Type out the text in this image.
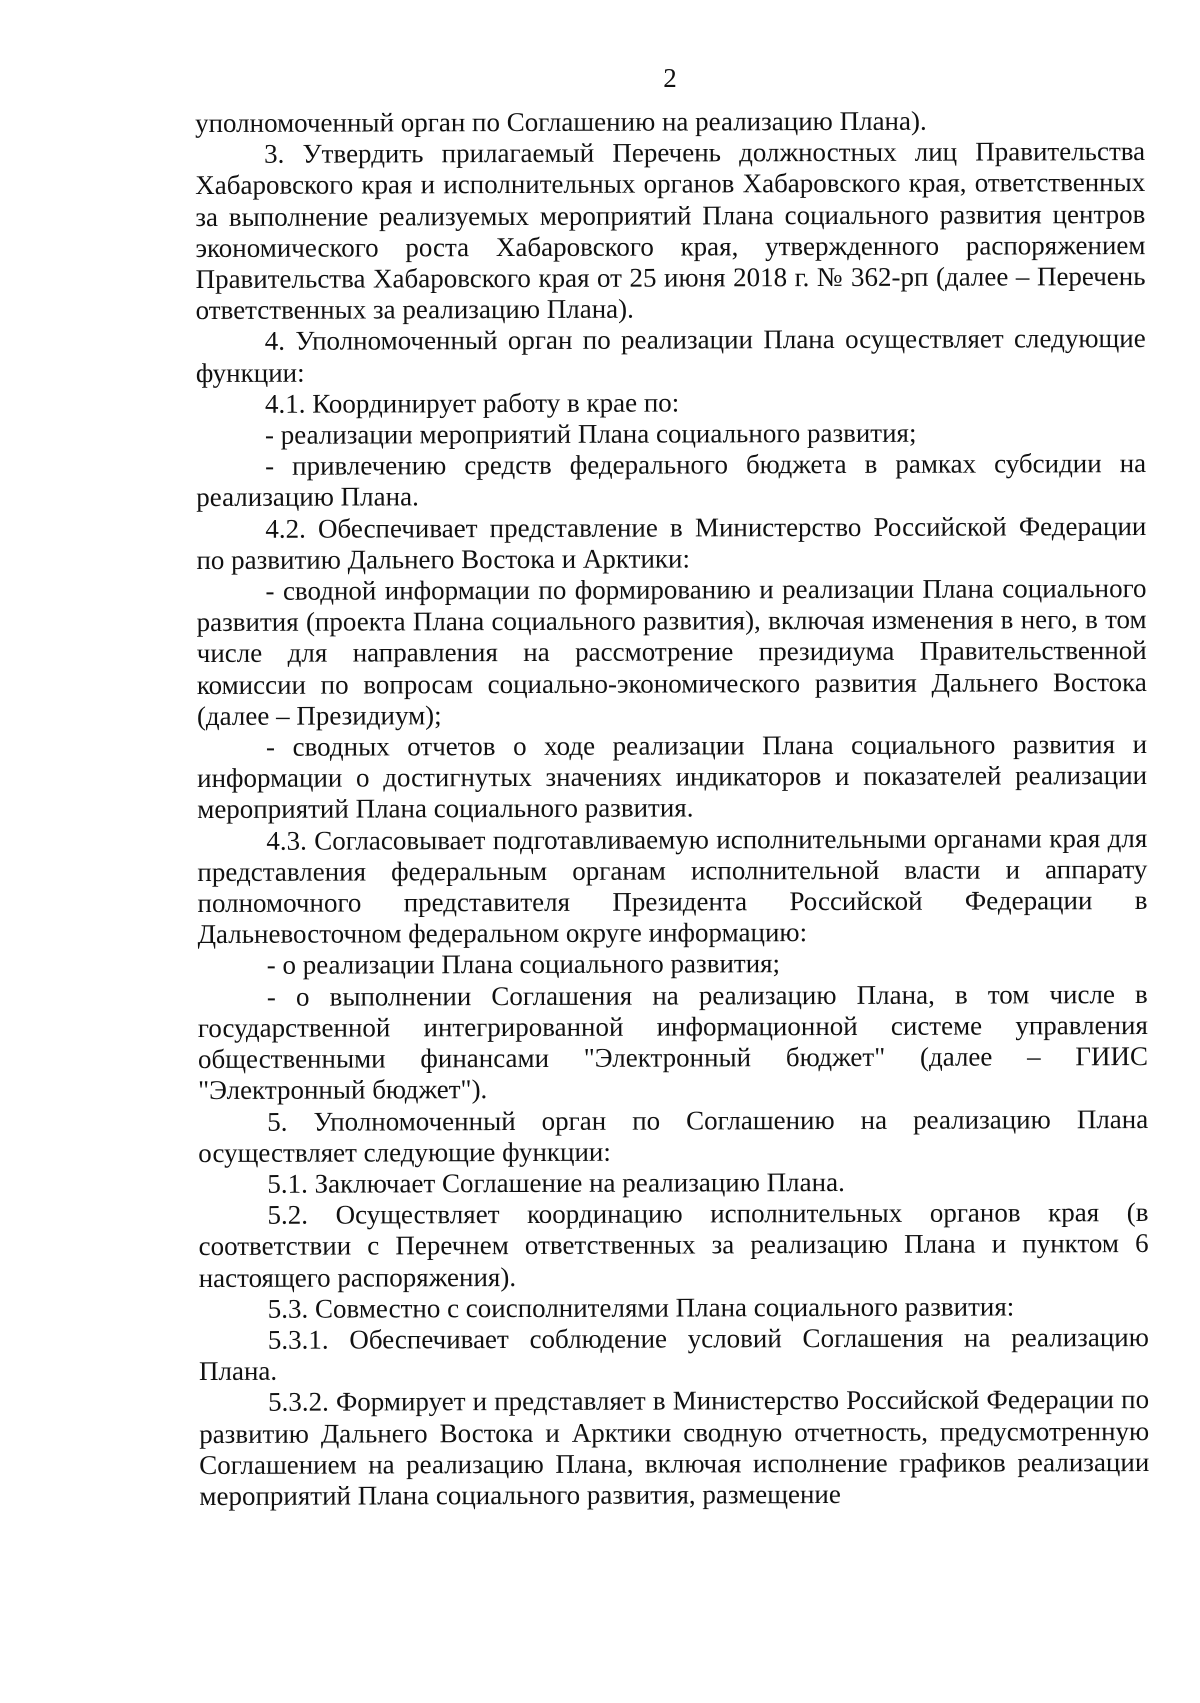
2

уполномоченный орган по Соглашению на реализацию Плана).

3. Утвердить прилагаемый Перечень должностных лиц Правительства Хабаровского края и исполнительных органов Хабаровского края, ответственных за выполнение реализуемых мероприятий Плана социального развития центров экономического роста Хабаровского края, утвержденного распоряжением Правительства Хабаровского края от 25 июня 2018 г. № 362-рп (далее – Перечень ответственных за реализацию Плана).

4. Уполномоченный орган по реализации Плана осуществляет следующие функции:

4.1. Координирует работу в крае по:

- реализации мероприятий Плана социального развития;

- привлечению средств федерального бюджета в рамках субсидии на реализацию Плана.

4.2. Обеспечивает представление в Министерство Российской Федерации по развитию Дальнего Востока и Арктики:

- сводной информации по формированию и реализации Плана социального развития (проекта Плана социального развития), включая изменения в него, в том числе для направления на рассмотрение президиума Правительственной комиссии по вопросам социально-экономического развития Дальнего Востока (далее – Президиум);

- сводных отчетов о ходе реализации Плана социального развития и информации о достигнутых значениях индикаторов и показателей реализации мероприятий Плана социального развития.

4.3. Согласовывает подготавливаемую исполнительными органами края для представления федеральным органам исполнительной власти и аппарату полномочного представителя Президента Российской Федерации в Дальневосточном федеральном округе информацию:

- о реализации Плана социального развития;

- о выполнении Соглашения на реализацию Плана, в том числе в государственной интегрированной информационной системе управления общественными финансами "Электронный бюджет" (далее – ГИИС "Электронный бюджет").

5. Уполномоченный орган по Соглашению на реализацию Плана осуществляет следующие функции:

5.1. Заключает Соглашение на реализацию Плана.

5.2. Осуществляет координацию исполнительных органов края (в соответствии с Перечнем ответственных за реализацию Плана и пунктом 6 настоящего распоряжения).

5.3. Совместно с соисполнителями Плана социального развития:

5.3.1. Обеспечивает соблюдение условий Соглашения на реализацию Плана.

5.3.2. Формирует и представляет в Министерство Российской Федерации по развитию Дальнего Востока и Арктики сводную отчетность, предусмотренную Соглашением на реализацию Плана, включая исполнение графиков реализации мероприятий Плана социального развития, размещение
